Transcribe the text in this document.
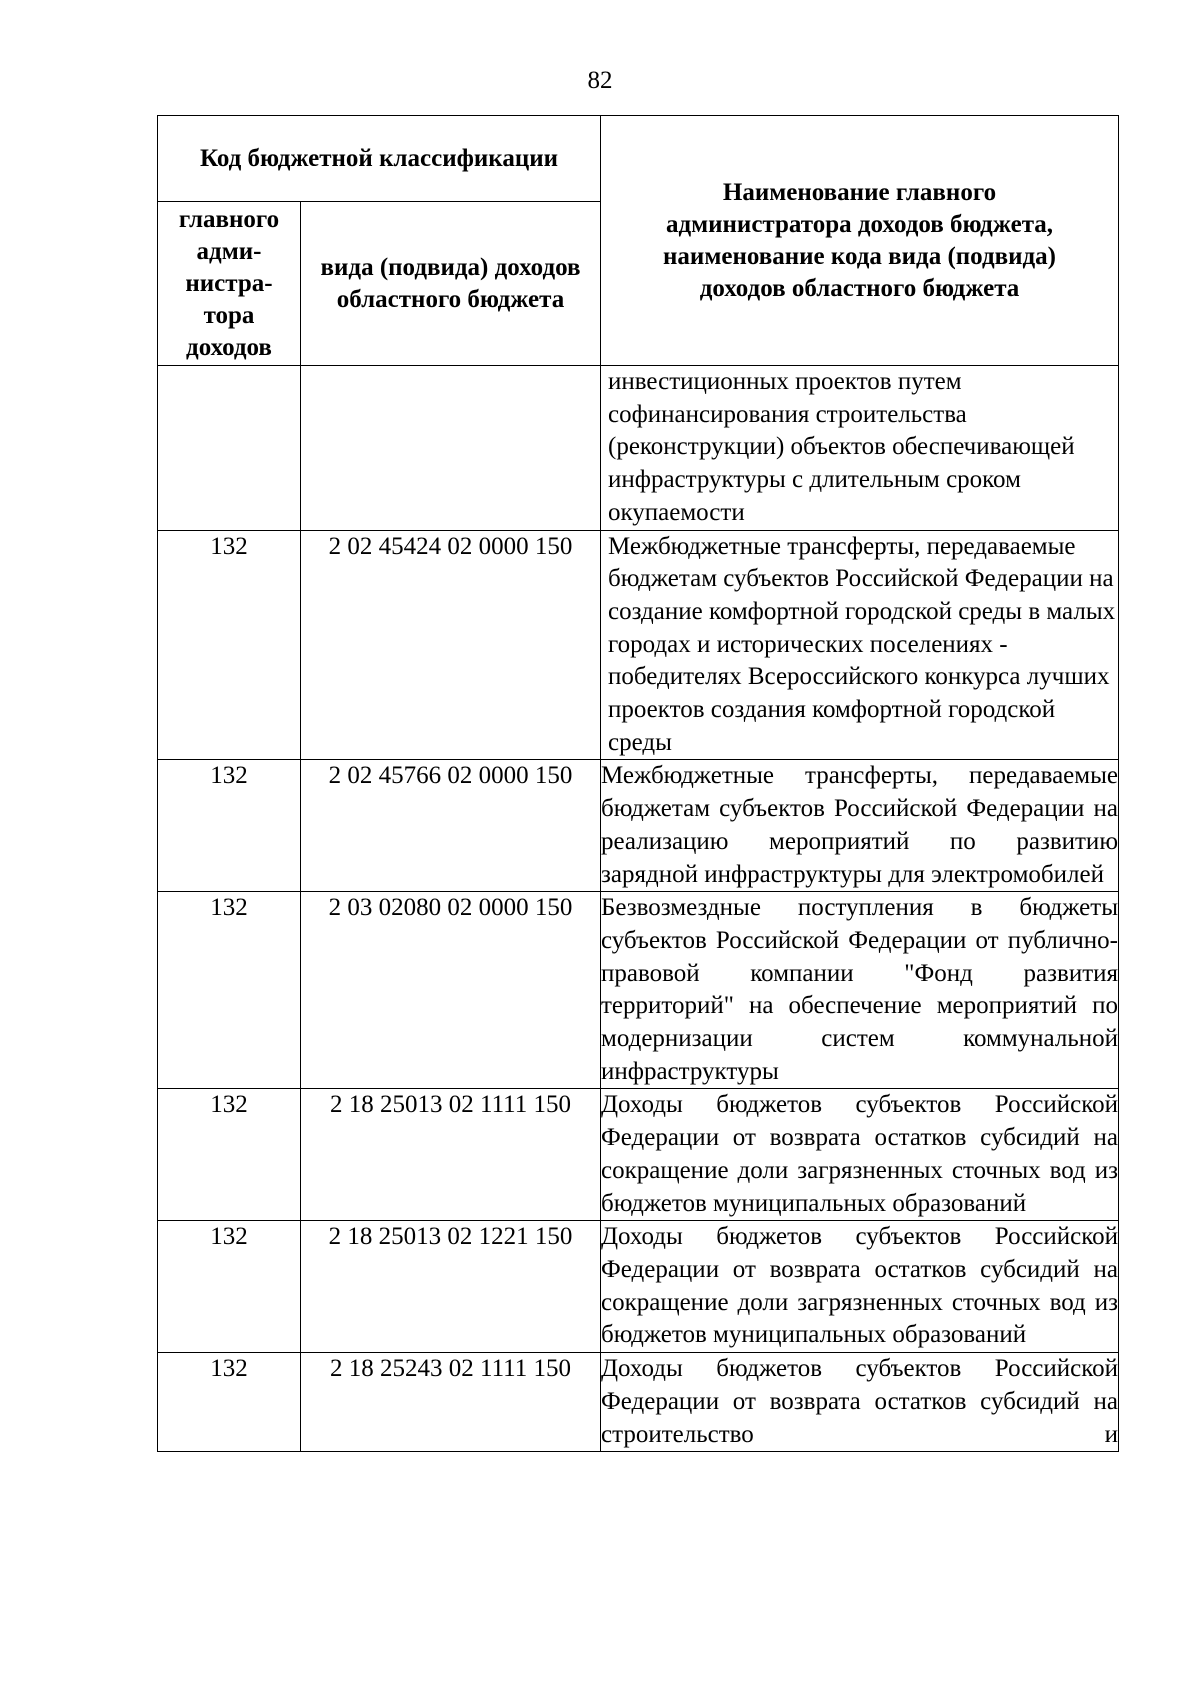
82
Код бюджетной классификации		Наименование главного администратора доходов бюджета, наименование кода вида (подвида) доходов областного бюджета
главного адми-нистра-тора доходов	вида (подвида) доходов областного бюджета	
		инвестиционных проектов путем софинансирования строительства (реконструкции) объектов обеспечивающей инфраструктуры с длительным сроком окупаемости
132	2 02 45424 02 0000 150	Межбюджетные трансферты, передаваемые бюджетам субъектов Российской Федерации на создание комфортной городской среды в малых городах и исторических поселениях - победителях Всероссийского конкурса лучших проектов создания комфортной городской среды
132	2 02 45766 02 0000 150	Межбюджетные трансферты, передаваемые бюджетам субъектов Российской Федерации на реализацию мероприятий по развитию зарядной инфраструктуры для электромобилей
132	2 03 02080 02 0000 150	Безвозмездные поступления в бюджеты субъектов Российской Федерации от публично-правовой компании "Фонд развития территорий" на обеспечение мероприятий по модернизации систем коммунальной инфраструктуры
132	2 18 25013 02 1111 150	Доходы бюджетов субъектов Российской Федерации от возврата остатков субсидий на сокращение доли загрязненных сточных вод из бюджетов муниципальных образований
132	2 18 25013 02 1221 150	Доходы бюджетов субъектов Российской Федерации от возврата остатков субсидий на сокращение доли загрязненных сточных вод из бюджетов муниципальных образований
132	2 18 25243 02 1111 150	Доходы бюджетов субъектов Российской Федерации от возврата остатков субсидий на строительство и
